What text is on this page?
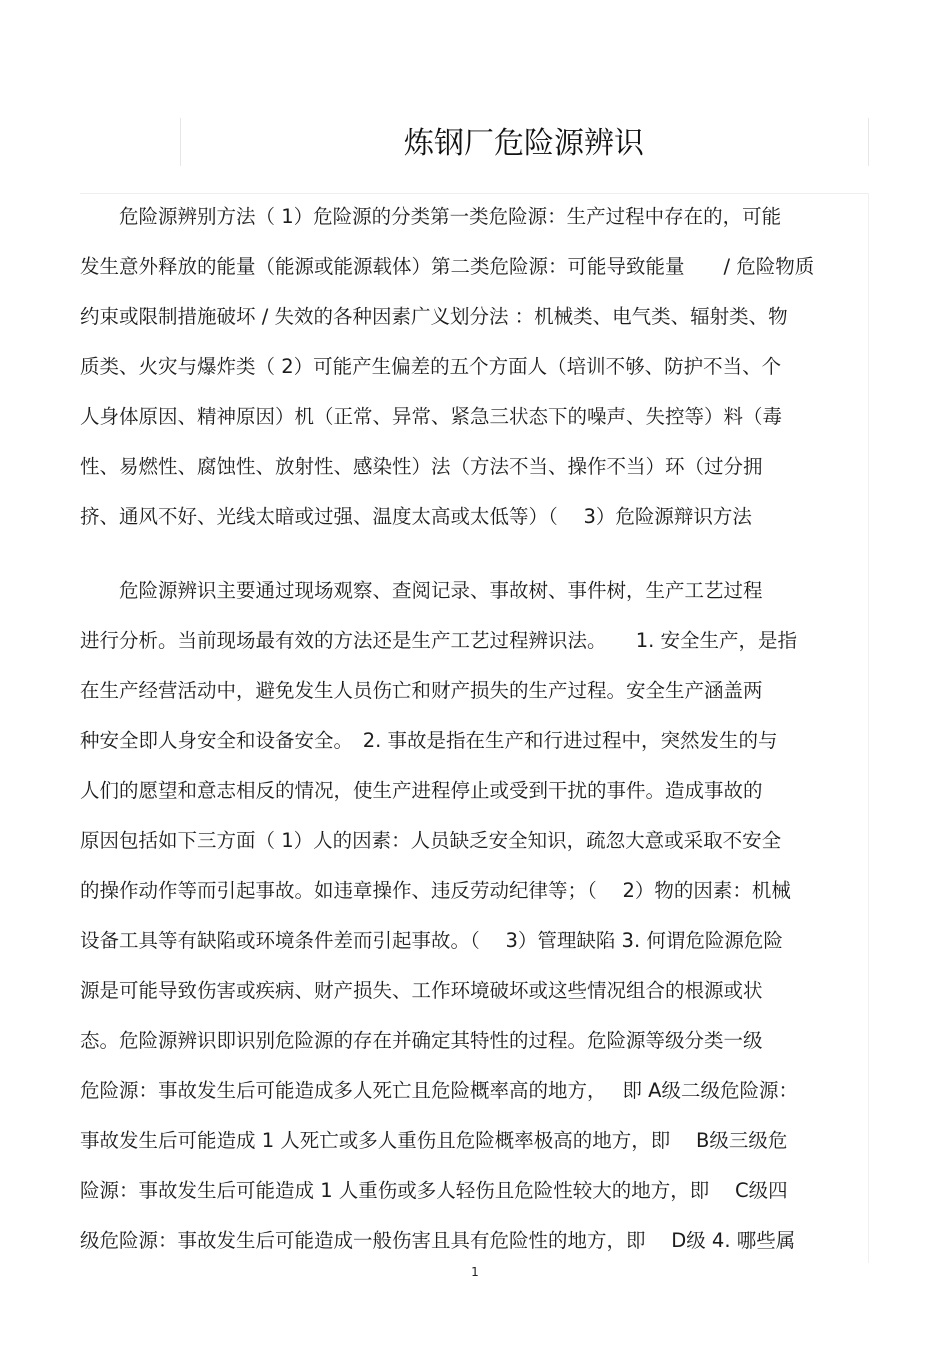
炼钢厂危险源辨识
　　危险源辨别方法（ 1）危险源的分类第一类危险源：生产过程中存在的，可能
发生意外释放的能量（能源或能源载体）第二类危险源：可能导致能量　　/ 危险物质
约束或限制措施破坏 / 失效的各种因素广义划分法 ：机械类、电气类、辐射类、物
质类、火灾与爆炸类（ 2）可能产生偏差的五个方面人（培训不够、防护不当、个
人身体原因、精神原因）机（正常、异常、紧急三状态下的噪声、失控等）料（毒
性、易燃性、腐蚀性、放射性、感染性）法（方法不当、操作不当）环（过分拥
挤、通风不好、光线太暗或过强、温度太高或太低等）（　 3）危险源辩识方法
　　危险源辨识主要通过现场观察、查阅记录、事故树、事件树，生产工艺过程
进行分析。当前现场最有效的方法还是生产工艺过程辨识法。　　1. 安全生产，是指
在生产经营活动中，避免发生人员伤亡和财产损失的生产过程。安全生产涵盖两
种安全即人身安全和设备安全。　2. 事故是指在生产和行进过程中，突然发生的与
人们的愿望和意志相反的情况，使生产进程停止或受到干扰的事件。造成事故的
原因包括如下三方面（ 1）人的因素：人员缺乏安全知识，疏忽大意或采取不安全
的操作动作等而引起事故。如违章操作、违反劳动纪律等；（　 2）物的因素：机械
设备工具等有缺陷或环境条件差而引起事故。（　 3）管理缺陷 3. 何谓危险源危险
源是可能导致伤害或疾病、财产损失、工作环境破坏或这些情况组合的根源或状
态。危险源辨识即识别危险源的存在并确定其特性的过程。危险源等级分类一级
危险源：事故发生后可能造成多人死亡且危险概率高的地方，　 即 A级二级危险源：
事故发生后可能造成 1 人死亡或多人重伤且危险概率极高的地方，即　 B级三级危
险源：事故发生后可能造成 1 人重伤或多人轻伤且危险性较大的地方，即　 C级四
级危险源：事故发生后可能造成一般伤害且具有危险性的地方，即　 D级 4. 哪些属
1
